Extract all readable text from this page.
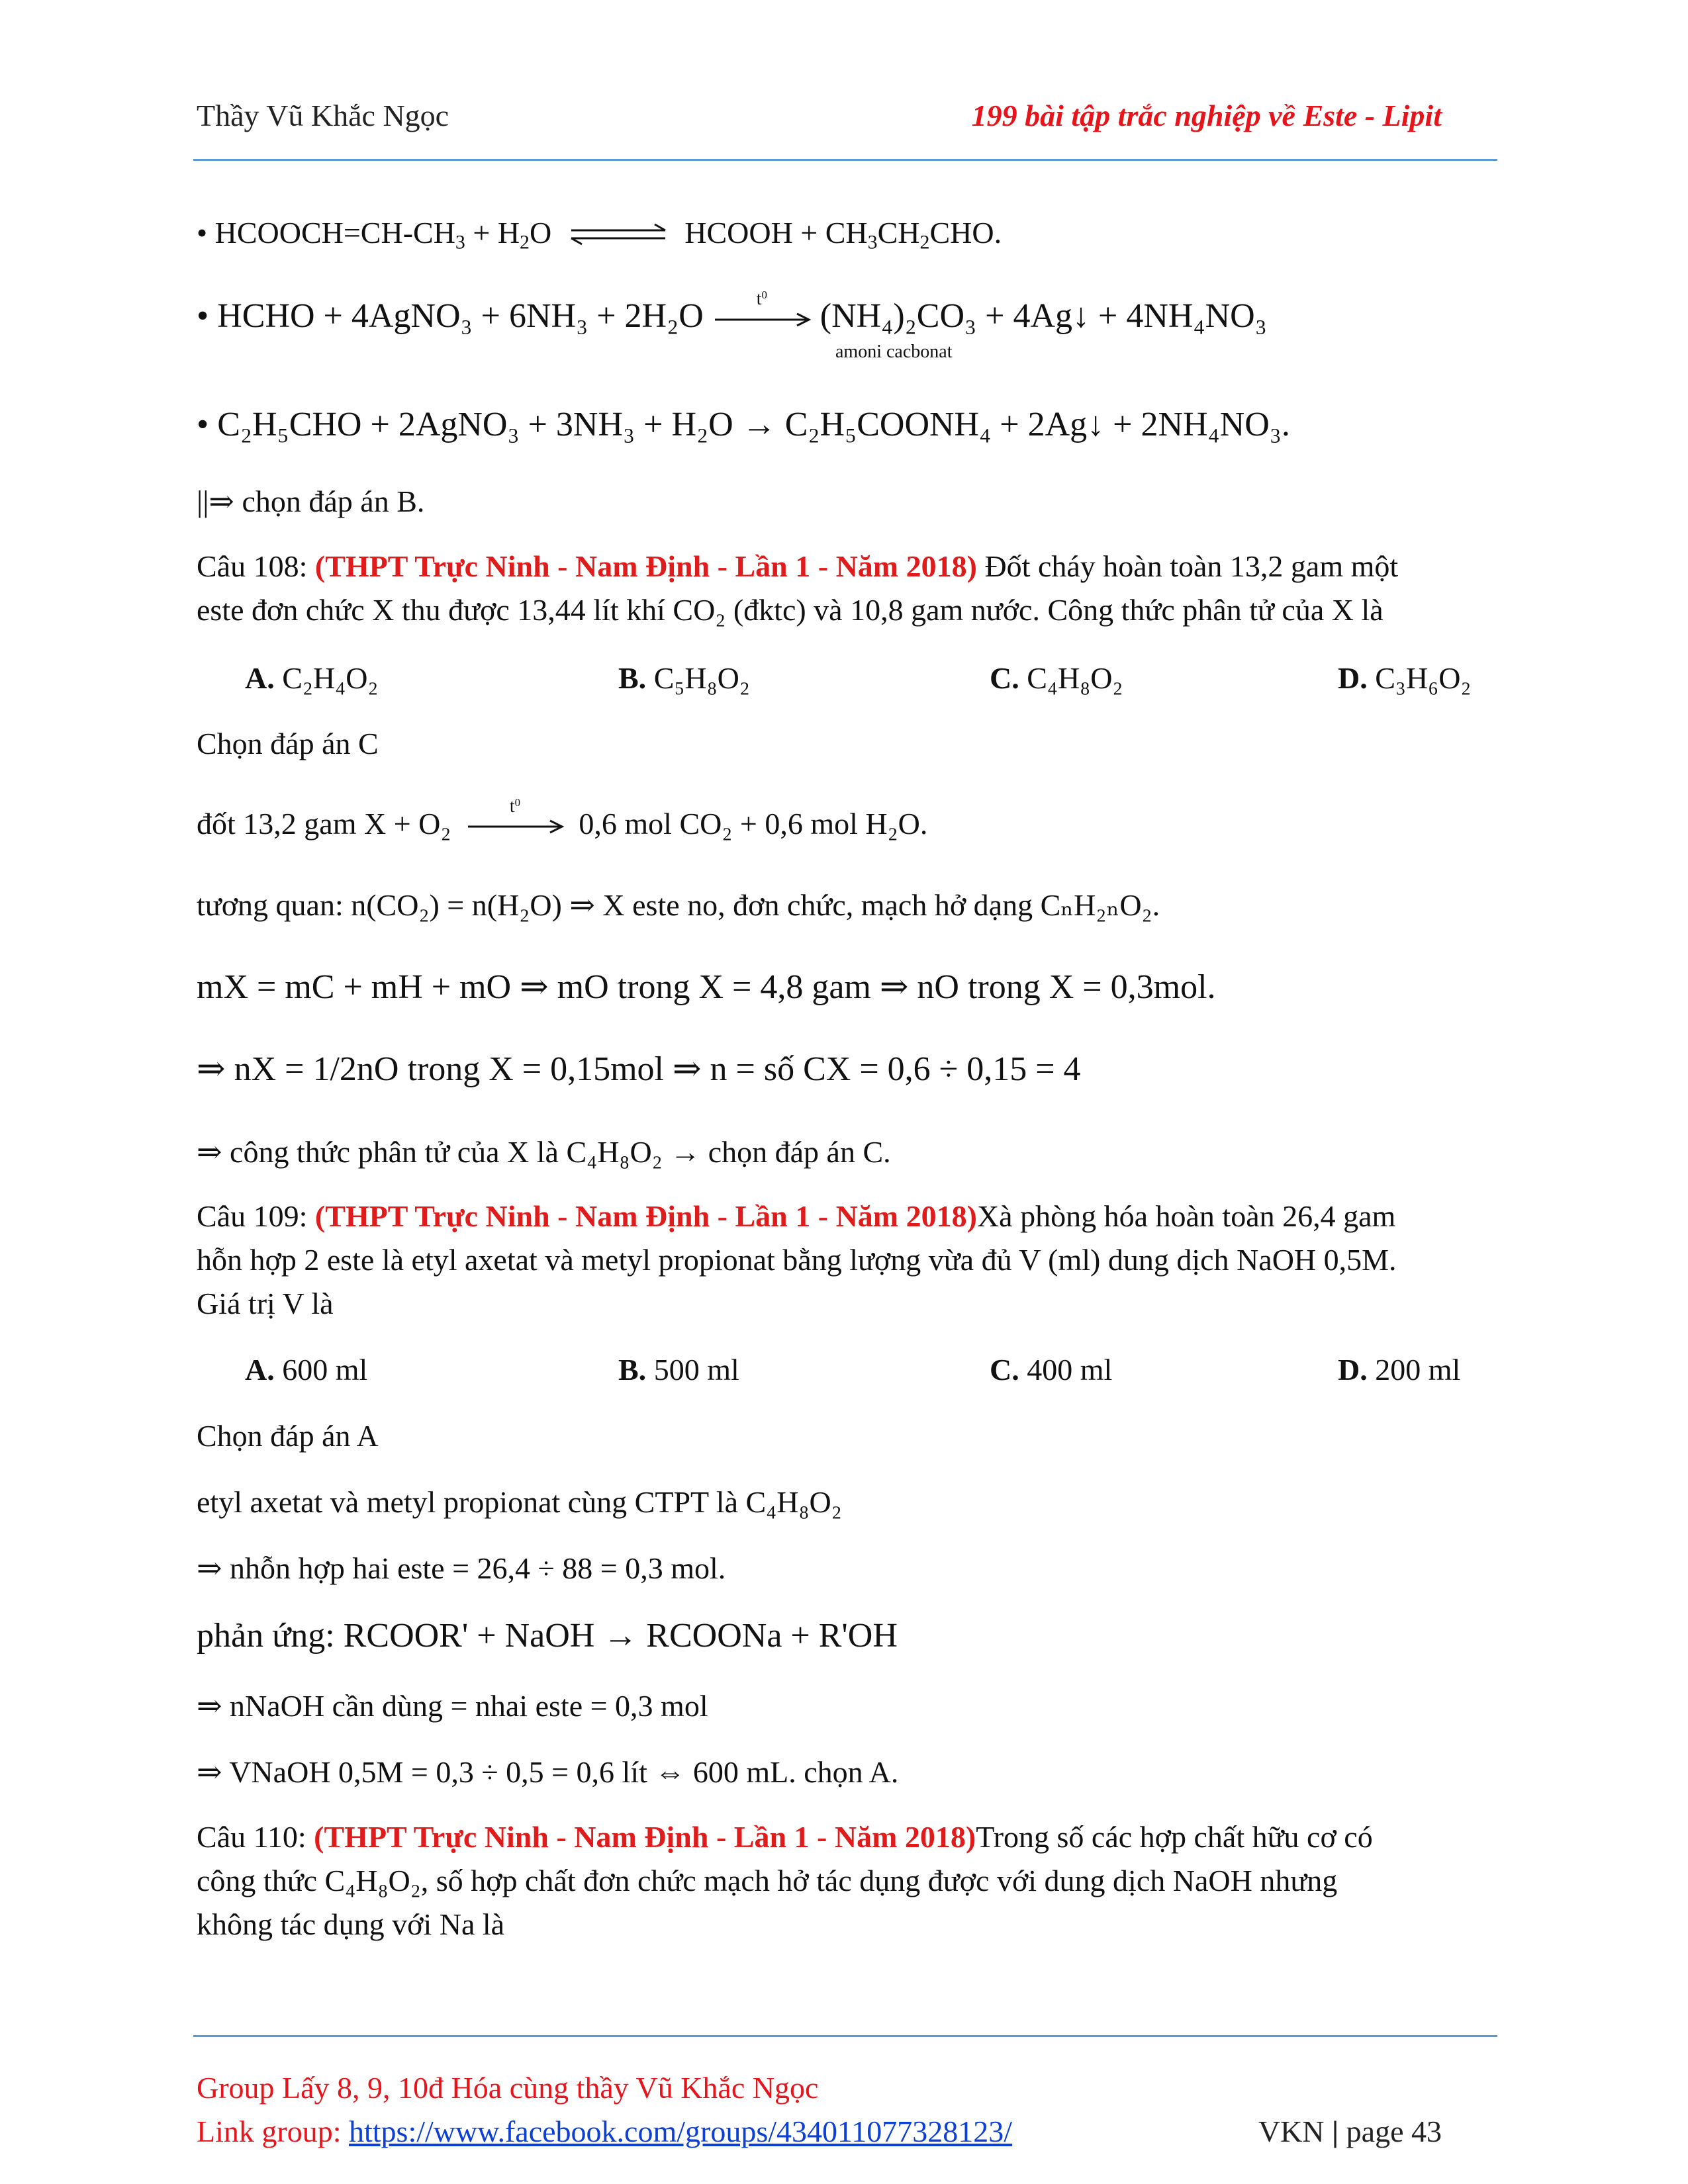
Thầy Vũ Khắc Ngọc	199 bài tập trắc nghiệp về Este - Lipit
• $HCOOCH=CH-CH_3 + H_2O$ ⇌ HCOOH + $CH_3CH_2CHO$.
• HCHO + 4AgNO₃ + 6NH₃ + 2H₂O	$t^0$
(NH₄)₂CO₃ + 4Ag↓ + 4NH₄NO₃
amoni cacbonat
• C₂H₅CHO + 2AgNO₃ + 3NH₃ + H₂O → C₂H₅COONH₄ + 2Ag↓ + 2NH₄NO₃.
||⇒ chọn đáp án B.
Câu 108: (THPT Trực Ninh - Nam Định - Lần 1 - Năm 2018) Đốt cháy hoàn toàn 13,2 gam một
este đơn chức X thu được 13,44 lít khí CO₂ (đktc) và 10,8 gam nước. Công thức phân tử của X là
A. C₂H₄O₂	B. C₅H₈O₂	C. C₄H₈O₂	D. C₃H₆O₂
Chọn đáp án C
đốt 13,2 gam X + O₂
$t^0$
0,6 mol CO₂ + 0,6 mol H₂O.
tương quan: n(CO₂) = n(H₂O) ⇒ X este no, đơn chức, mạch hở dạng CₙH₂ₙO₂.
mX = mC + mH + mO ⇒ mO trong X = 4,8 gam ⇒ nO trong X = 0,3mol.
⇒ nX = 1/2nO trong X = 0,15mol ⇒ n = số CX = 0,6 ÷ 0,15 = 4
⇒ công thức phân tử của X là C₄H₈O₂ → chọn đáp án C.
Câu 109: (THPT Trực Ninh - Nam Định - Lần 1 - Năm 2018)Xà phòng hóa hoàn toàn 26,4 gam
hỗn hợp 2 este là etyl axetat và metyl propionat bằng lượng vừa đủ V (ml) dung dịch NaOH 0,5M.
Giá trị V là
A. 600 ml	B. 500 ml	C. 400 ml	D. 200 ml
Chọn đáp án A
etyl axetat và metyl propionat cùng CTPT là C₄H₈O₂
⇒ nhỗn hợp hai este = 26,4 ÷ 88 = 0,3 mol.
phản ứng: RCOOR' + NaOH → RCOONa + R'OH
⇒ nNaOH cần dùng = nhai este = 0,3 mol
⇒ VNaOH 0,5M = 0,3 ÷ 0,5 = 0,6 lít ⇔ 600 mL. chọn A.
Câu 110: (THPT Trực Ninh - Nam Định - Lần 1 - Năm 2018)Trong số các hợp chất hữu cơ có
công thức C₄H₈O₂, số hợp chất đơn chức mạch hở tác dụng được với dung dịch NaOH nhưng
không tác dụng với Na là
Group Lấy 8, 9, 10đ Hóa cùng thầy Vũ Khắc Ngọc
Link group: https://www.facebook.com/groups/434011077328123/	VKN | page 43
